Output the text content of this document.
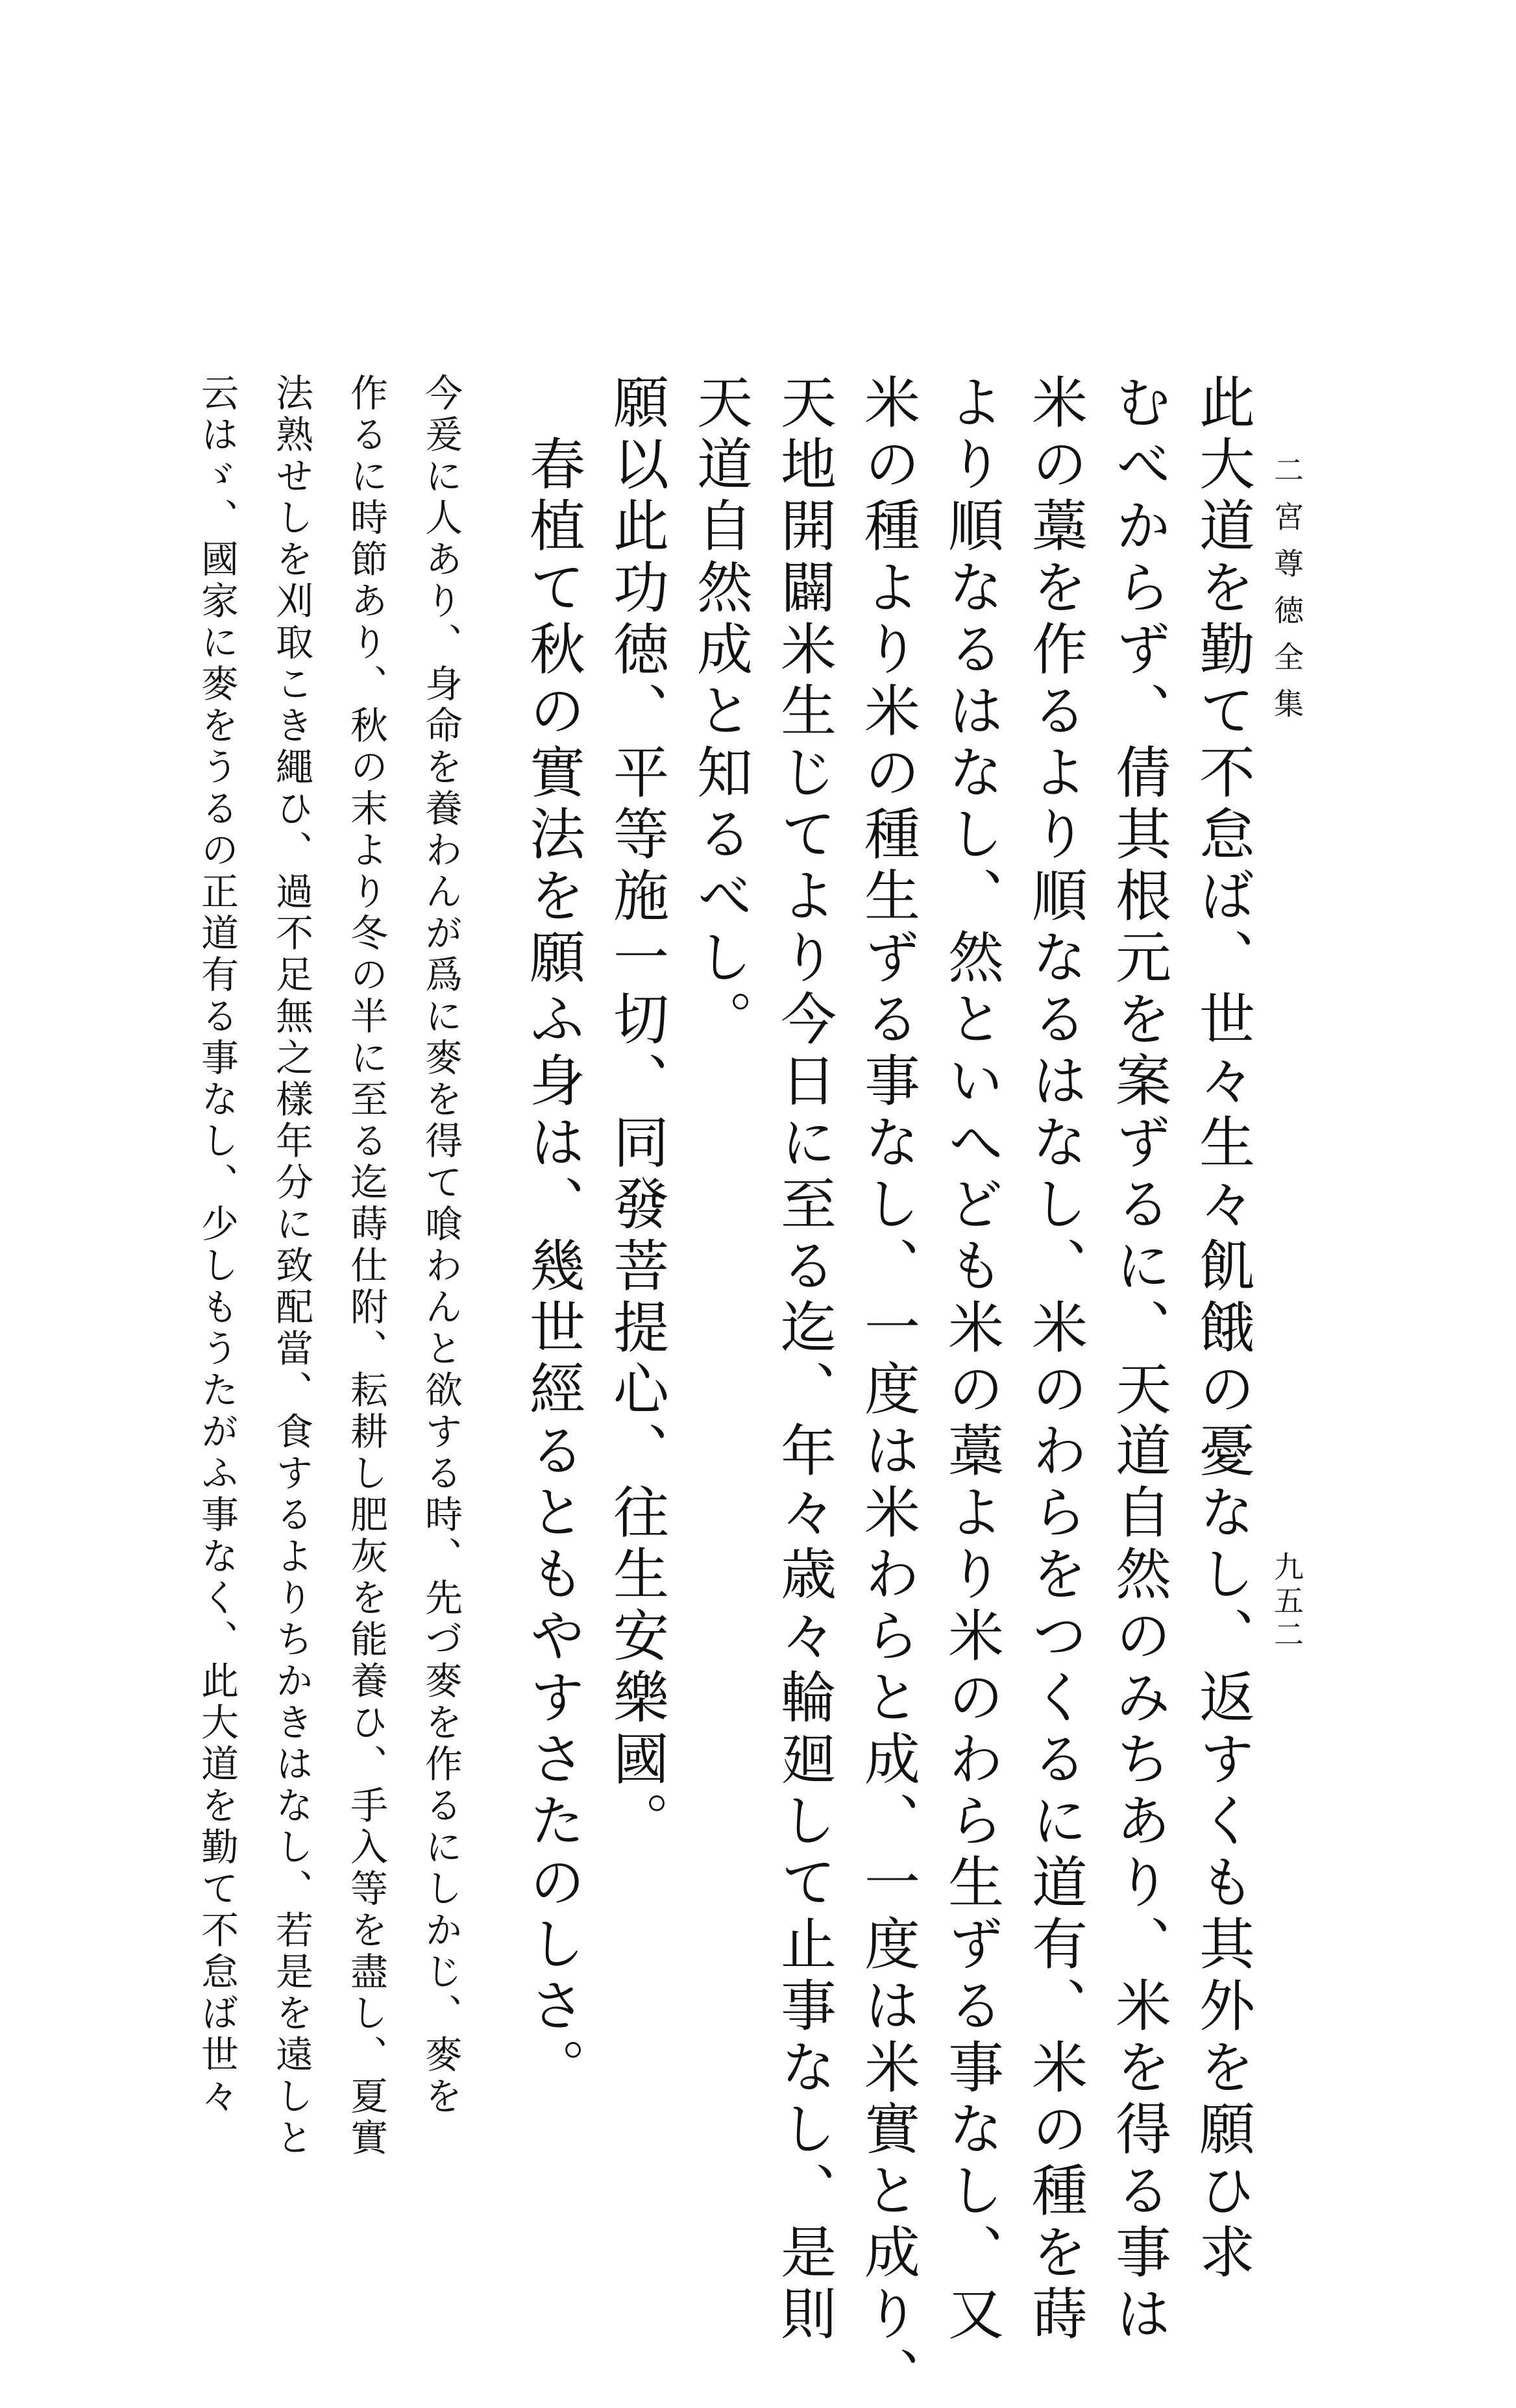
二宮尊徳全集
九五二
此大道を勤て不怠ば、世々生々飢餓の憂なし、返すくも其外を願ひ求
むべからず、倩其根元を案ずるに、天道自然のみちあり、米を得る事は
米の藁を作るより順なるはなし、米のわらをつくるに道有、米の種を蒔
より順なるはなし、然といへども米の藁より米のわら生ずる事なし、又
米の種より米の種生ずる事なし、一度は米わらと成、一度は米實と成り、
天地開闢米生じてより今日に至る迄、年々歳々輪廻して止事なし、是則
天道自然成と知るべし。
願以此功徳、平等施一切、同發菩提心、往生安樂國。
春植て秋の實法を願ふ身は、幾世經るともやすさたのしさ。
今爰に人あり、身命を養わんが爲に麥を得て喰わんと欲する時、先づ麥を作るにしかじ、麥を
作るに時節あり、秋の末より冬の半に至る迄蒔仕附、耘耕し肥灰を能養ひ、手入等を盡し、夏實
法熟せしを刈取こき繩ひ、過不足無之樣年分に致配當、食するよりちかきはなし、若是を遠しと
云はゞ、國家に麥をうるの正道有る事なし、少しもうたがふ事なく、此大道を勤て不怠ば世々
